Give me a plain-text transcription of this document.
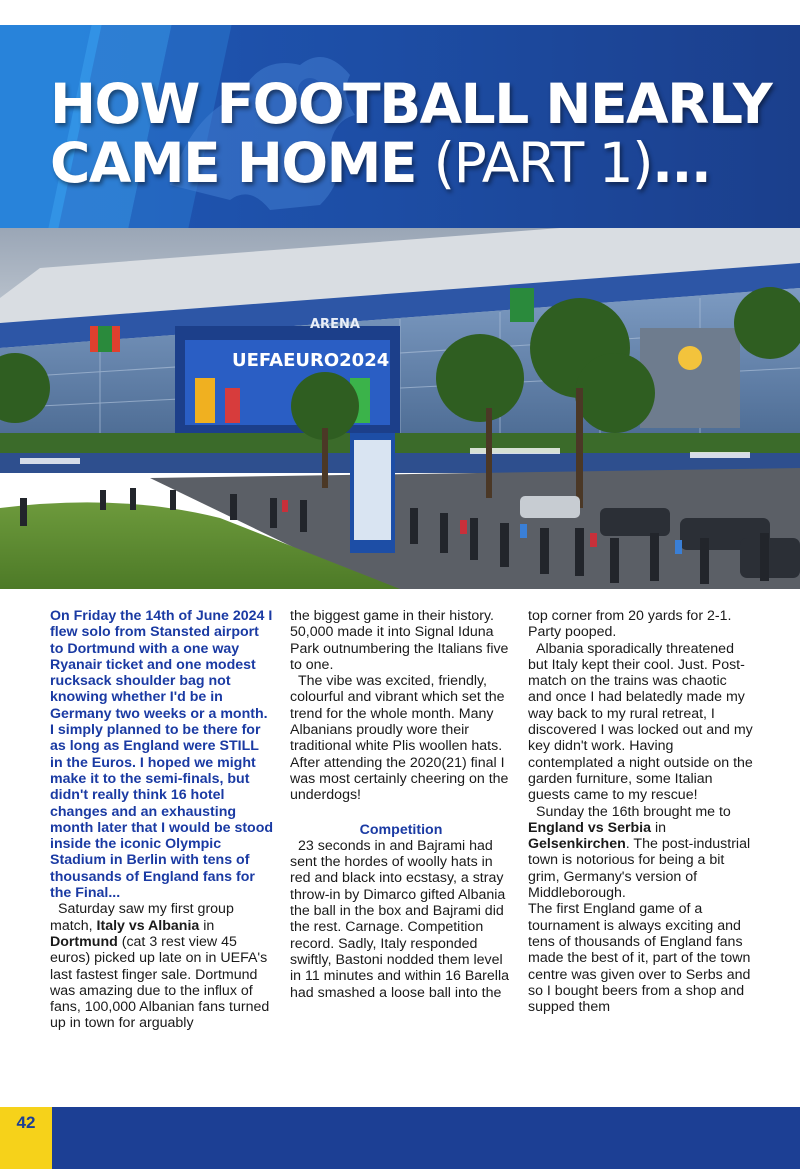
HOW FOOTBALL NEARLY
CAME HOME (PART 1)...
UEFAEURO2024
ARENA

On Friday the 14th of June 2024 I flew solo from Stansted airport to Dortmund with a one way Ryanair ticket and one modest rucksack shoulder bag not knowing whether I'd be in Germany two weeks or a month. I simply planned to be there for as long as England were STILL in the Euros. I hoped we might make it to the semi-finals, but didn't really think 16 hotel changes and an exhausting month later that I would be stood inside the iconic Olympic Stadium in Berlin with tens of thousands of England fans for the Final...

Saturday saw my first group match, Italy vs Albania in Dortmund (cat 3 rest view 45 euros) picked up late on in UEFA's last fastest finger sale. Dortmund was amazing due to the influx of fans, 100,000 Albanian fans turned up in town for arguably

the biggest game in their history. 50,000 made it into Signal Iduna Park outnumbering the Italians five to one.

The vibe was excited, friendly, colourful and vibrant which set the trend for the whole month. Many Albanians proudly wore their traditional white Plis woollen hats. After attending the 2020(21) final I was most certainly cheering on the underdogs!

Competition

23 seconds in and Bajrami had sent the hordes of woolly hats in red and black into ecstasy, a stray throw-in by Dimarco gifted Albania the ball in the box and Bajrami did the rest. Carnage. Competition record. Sadly, Italy responded swiftly, Bastoni nodded them level in 11 minutes and within 16 Barella had smashed a loose ball into the

top corner from 20 yards for 2-1. Party pooped.

Albania sporadically threatened but Italy kept their cool. Just. Post-match on the trains was chaotic and once I had belatedly made my way back to my rural retreat, I discovered I was locked out and my key didn't work. Having contemplated a night outside on the garden furniture, some Italian guests came to my rescue!

Sunday the 16th brought me to England vs Serbia in Gelsenkirchen. The post-industrial town is notorious for being a bit grim, Germany's version of Middleborough.

The first England game of a tournament is always exciting and tens of thousands of England fans made the best of it, part of the town centre was given over to Serbs and so I bought beers from a shop and supped them

42
